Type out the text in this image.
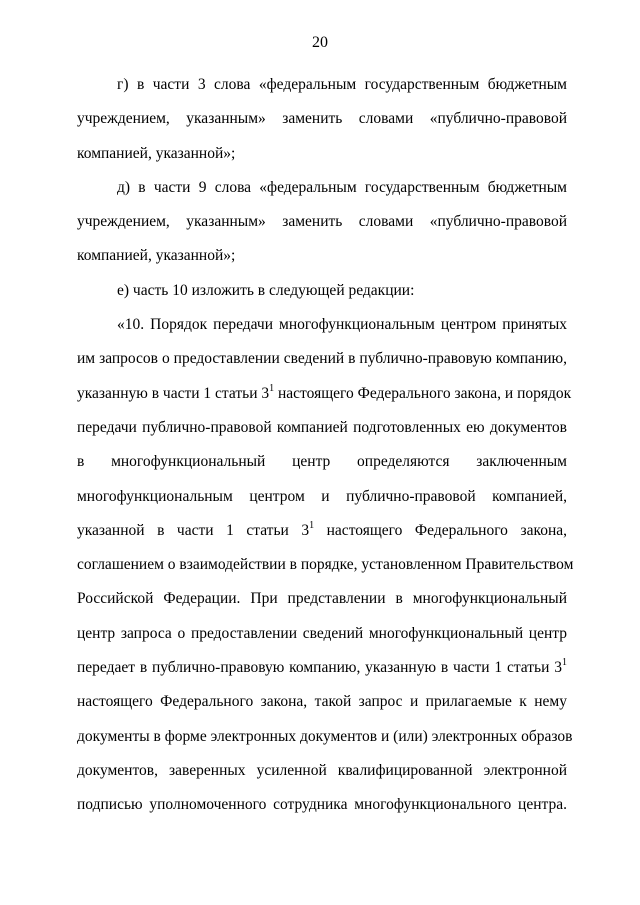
20
г) в части 3 слова «федеральным государственным бюджетным
учреждением, указанным» заменить словами «публично-правовой
компанией, указанной»;
д) в части 9 слова «федеральным государственным бюджетным
учреждением, указанным» заменить словами «публично-правовой
компанией, указанной»;
е) часть 10 изложить в следующей редакции:
«10. Порядок передачи многофункциональным центром принятых
им запросов о предоставлении сведений в публично-правовую компанию,
указанную в части 1 статьи $3^1$ настоящего Федерального закона, и порядок
передачи публично-правовой компанией подготовленных ею документов
в многофункциональный центр определяются заключенным
многофункциональным центром и публично-правовой компанией,
указанной в части 1 статьи $3^1$ настоящего Федерального закона,
соглашением о взаимодействии в порядке, установленном Правительством
Российской Федерации. При представлении в многофункциональный
центр запроса о предоставлении сведений многофункциональный центр
передает в публично-правовую компанию, указанную в части 1 статьи $3^1$
настоящего Федерального закона, такой запрос и прилагаемые к нему
документы в форме электронных документов и (или) электронных образов
документов, заверенных усиленной квалифицированной электронной
подписью уполномоченного сотрудника многофункционального центра.
